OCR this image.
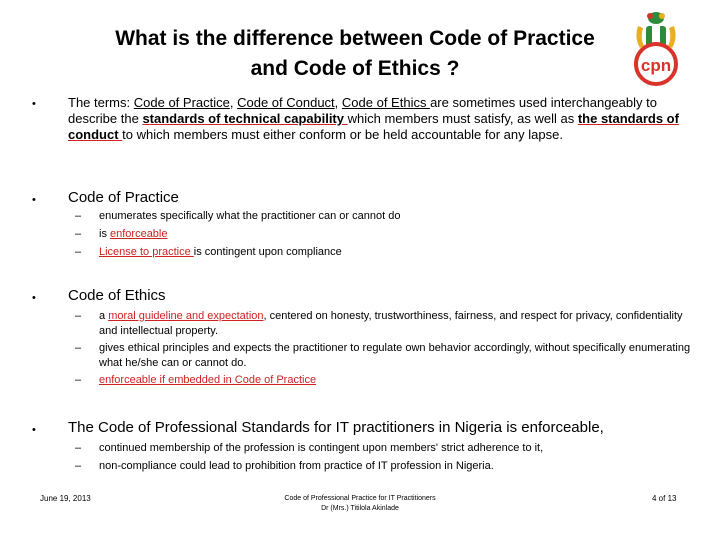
What is the difference between Code of Practice
and Code of Ethics ?	cpn
• The terms: Code of Practice, Code of Conduct, Code of Ethics are sometimes used interchangeably to describe the standards of technical capability which members must satisfy, as well as the standards of conduct to which members must either conform or be held accountable for any lapse.
• Code of Practice
– enumerates specifically what the practitioner can or cannot do
– is enforceable
– License to practice is contingent upon compliance
• Code of Ethics
– a moral guideline and expectation, centered on honesty, trustworthiness, fairness, and respect for privacy, confidentiality and intellectual property.
– gives ethical principles and expects the practitioner to regulate own behavior accordingly, without specifically enumerating what he/she can or cannot do.
– enforceable if embedded in Code of Practice
• The Code of Professional Standards for IT practitioners in Nigeria is enforceable,
– continued membership of the profession is contingent upon members' strict adherence to it,
– non-compliance could lead to prohibition from practice of IT profession in Nigeria.
June 19, 2013	Code of Professional Practice for IT Practitioners
Dr (Mrs.) Titilola Akinlade
4 of 13
